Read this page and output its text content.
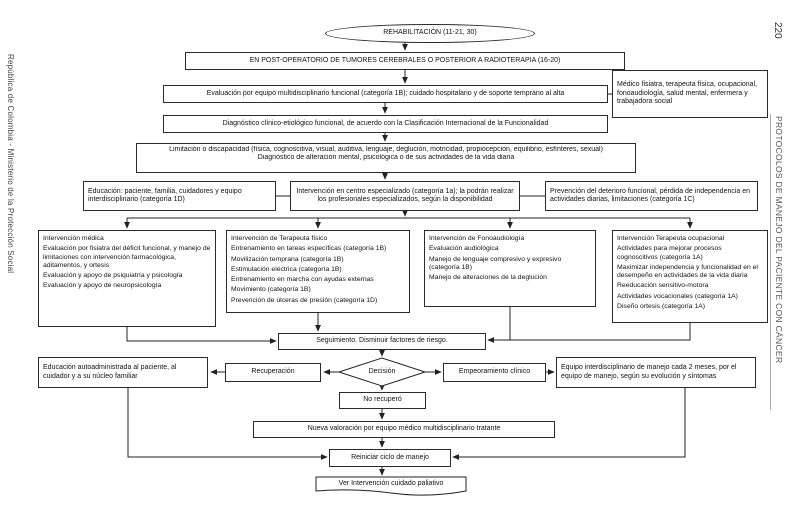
República de Colombia - Ministerio de la Protección Social
220
PROTOCOLOS DE MANEJO DEL PACIENTE CON CÁNCER
REHABILITACIÓN (11-21, 30)
EN POST-OPERATORIO DE TUMORES CEREBRALES O POSTERIOR A RADIOTERAPIA (16-20)
Evaluación por equipo multidisciplinario funcional (categoría 1B); cuidado hospitalario y de soporte temprano al alta
Médico fisiatra, terapeuta física, ocupacional, fonoaudiología, salud mental, enfermera y trabajadora social
Diagnóstico clínico-etiológico funcional, de acuerdo con la Clasificación Internacional de la Funcionalidad
Limitación o discapacidad (física, cognoscitiva, visual, auditiva, lenguaje, deglución, motricidad, propiocepción, equilibrio, esfínteres, sexual)
Diagnóstico de alteración mental, psicológica o de sus actividades de la vida diaria
Educación: paciente, familia, cuidadores y equipo interdisciplinario (categoría 1D)
Intervención en centro especializado (categoría 1a); la podrán realizar los profesionales especializados, según la disponibilidad
Prevención del deterioro funcional, pérdida de independencia en actividades diarias, limitaciones (categoría 1C)
Intervención médica
Evaluación por fisiatra del déficit funcional, y manejo de limitaciones con intervención farmacológica, aditamentos, y ortesis
Evaluación y apoyo de psiquiatría y psicología
Evaluación y apoyo de neuropsicología
Intervención de Terapeuta físico
Entrenamiento en tareas específicas (categoría 1B)
Movilización temprana (categoría 1B)
Estimulación eléctrica (categoría 1B)
Entrenamiento en marcha con ayudas externas
Movimiento (categoría 1B)
Prevención de úlceras de presión (categoría 1D)
Intervención de Fonoaudiología
Evaluación audiológica
Manejo de lenguaje compresivo y expresivo (categoría 1B)
Manejo de alteraciones de la deglución
Intervención Terapeuta ocupacional
Actividades para mejorar procesos cognoscitivos (categoría 1A)
Maximizar independencia y funcionalidad en el desempeño en actividades de la vida diaria
Reeducación sensitivo-motora
Actividades vocacionales (categoría 1A)
Diseño ortesis (categoría 1A)
Seguimiento. Disminuir factores de riesgo.
Decisión
Recuperación	Empeoramiento clínico
Educación autoadministrada al paciente, al cuidador y a su núcleo familiar
Equipo interdisciplinario de manejo cada 2 meses, por el equipo de manejo, según su evolución y síntomas
No recuperó
Nueva valoración por equipo médico multidisciplinario tratante
Reiniciar ciclo de manejo
Ver Intervención cuidado paliativo
